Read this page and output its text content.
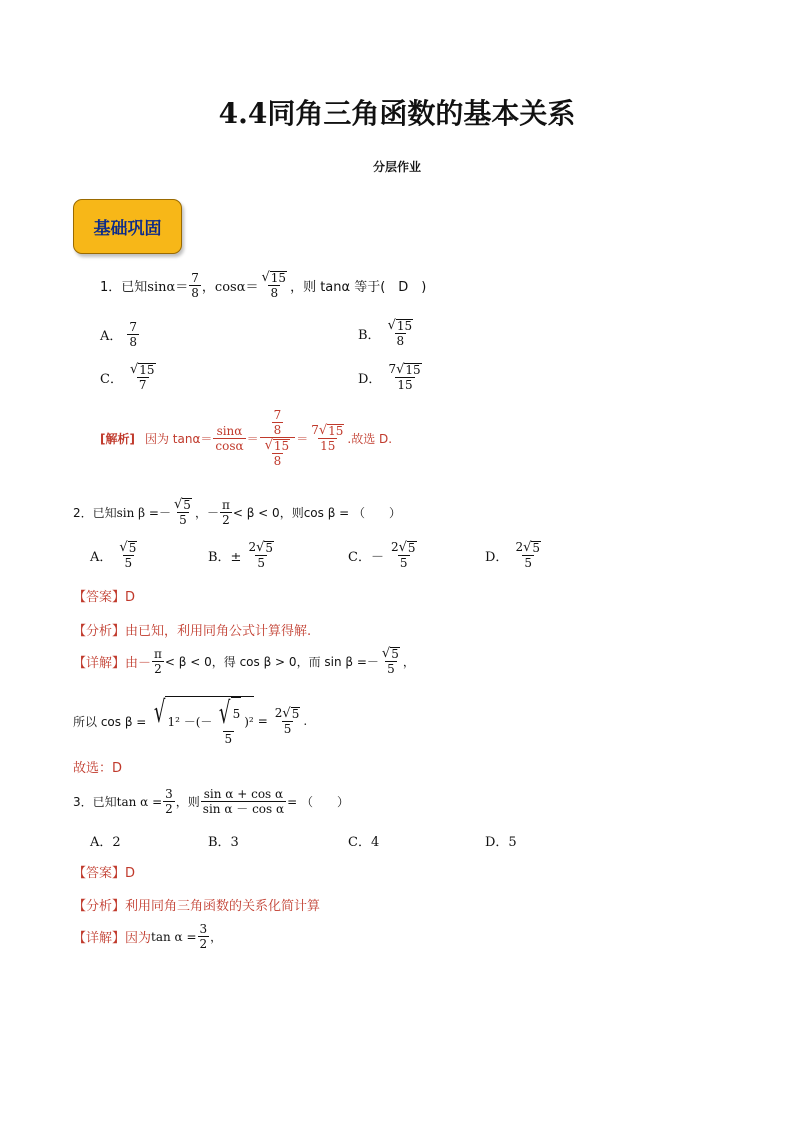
4.4同角三角函数的基本关系
分层作业
基础巩固
1．已知 $\sin\alpha= \frac{7}{8}$ ， $\cos\alpha= \frac{√ 15}{8}$ ，则 tanα 等于(　D　)
A． $\frac{7}{8}$	B． $\frac{√ 15}{8}$
C． $\frac{√ 15}{7}$	D． $\frac{7 √ 15}{15}$
[解析] 因为 $\tan\alpha= \frac{\sin\alpha}{\cos\alpha} = \frac{\frac{7}{8}}{\frac{√ 15}{8}} = \frac{7 √ 15}{15}$ .故选 D.
2．已知 $\sin \beta =- \frac{√ 5}{5}$ ，－ $\frac{\pi}{2} < \beta < 0$，则 cos β = （　　）
A． $\frac{√ 5}{5}$	B．± $\frac{2 √ 5}{5}$	C．－ $\frac{2 √ 5}{5}$	D． $\frac{2 √ 5}{5}$
【答案】D
【分析】由已知，利用同角公式计算得解.
【详解】 由－ $\frac{\pi}{2} < \beta < 0$，得 cos β > 0，而 $\sin \beta =- \frac{√ 5}{5}$ ，
所以 cos β = √ 1² －(－ $\frac{√ 5}{5} )^2 = \frac{2 √ 5}{5}$ .
故选：D
3．已知 $\tan \alpha = \frac{3}{2}$ ，则 $\frac{\text{sin α + cos α}}{\text{sin α － cos α}}$ = （　　）
A．2	B．3	C．4	D．5
【答案】D
【分析】利用同角三角函数的关系化简计算
【详解】 因为 $\tan \alpha = \frac{3}{2}$ ，
